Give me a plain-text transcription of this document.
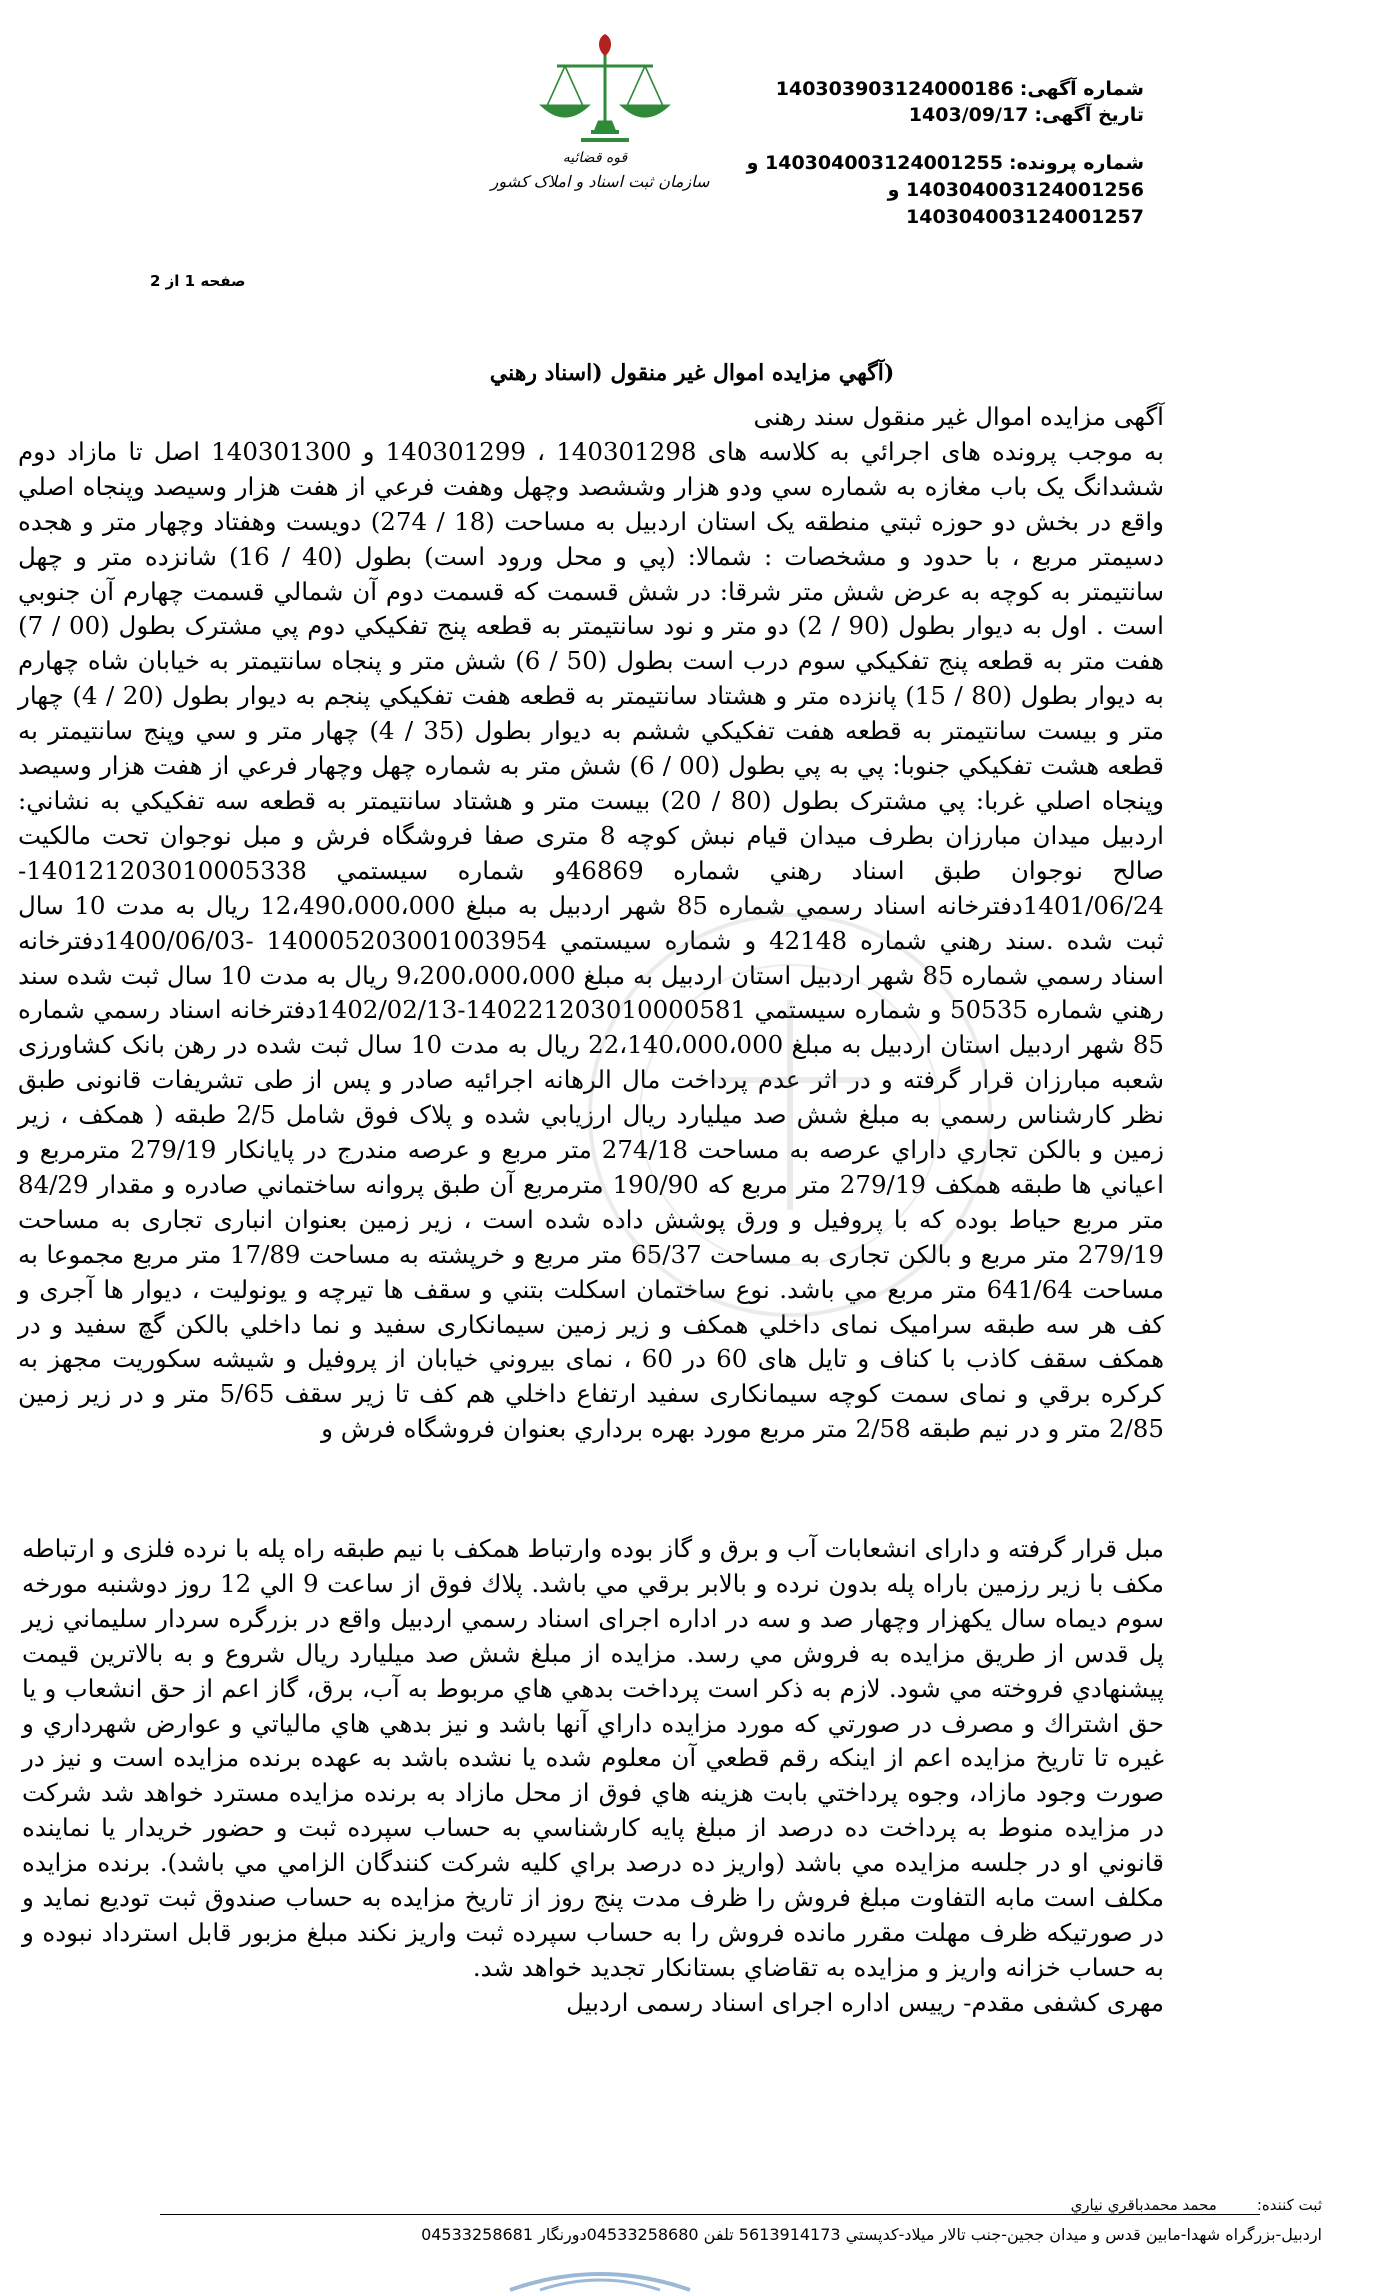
شماره آگهی:140303903124000186
تاریخ آگهی:1403/09/17
شماره پرونده:140304003124001255 و
140304003124001256 و
140304003124001257
قوه قضائیه
سازمان ثبت اسناد و املاک کشور
صفحه 1 از 2
(آگهي مزايده اموال غير منقول (اسناد رهني
آگهی مزایده اموال غیر منقول سند رهنی
به موجب پرونده های اجرائي به کلاسه های 140301298 ، 140301299 و 140301300 اصل تا مازاد دوم ششدانگ یک باب مغازه به شماره سي ودو هزار وششصد وچهل وهفت فرعي از هفت هزار وسيصد وپنجاه اصلي واقع در بخش دو حوزه ثبتي منطقه یک استان اردبيل به مساحت (18 / 274) دويست وهفتاد وچهار متر و هجده دسيمتر مربع ، با حدود و مشخصات : شمالا: (پي و محل ورود است) بطول (40 / 16) شانزده متر و چهل سانتيمتر به کوچه به عرض شش متر شرقا: در شش قسمت که قسمت دوم آن شمالي قسمت چهارم آن جنوبي است . اول به ديوار بطول (90 / 2) دو متر و نود سانتيمتر به قطعه پنج تفکيکي دوم پي مشترک بطول (00 / 7) هفت متر به قطعه پنج تفکيکي سوم درب است بطول (50 / 6) شش متر و پنجاه سانتيمتر به خيابان شاه چهارم به ديوار بطول (80 / 15) پانزده متر و هشتاد سانتيمتر به قطعه هفت تفکيکي پنجم به ديوار بطول (20 / 4) چهار متر و بيست سانتيمتر به قطعه هفت تفکيکي ششم به ديوار بطول (35 / 4) چهار متر و سي وپنج سانتيمتر به قطعه هشت تفکيکي جنوبا: پي به پي بطول (00 / 6) شش متر به شماره چهل وچهار فرعي از هفت هزار وسيصد وپنجاه اصلي غربا: پي مشترک بطول (80 / 20) بيست متر و هشتاد سانتيمتر به قطعه سه تفکيکي به نشاني: اردبيل ميدان مبارزان بطرف ميدان قيام نبش کوچه 8 متری صفا فروشگاه فرش و مبل نوجوان تحت مالکيت صالح نوجوان طبق اسناد رهني شماره 46869و شماره سيستمي 14012120301000533‌8-1401/06/24دفترخانه اسناد رسمي شماره 85 شهر اردبيل به مبلغ 12،490،000،000 ريال به مدت 10 سال ثبت شده .سند رهني شماره 42148 و شماره سيستمي 140005203001003954 -1400/06/03دفترخانه اسناد رسمي شماره 85 شهر اردبيل استان اردبيل به مبلغ 9،200،000،000 ريال به مدت 10 سال ثبت شده سند رهني شماره 50535 و شماره سيستمي 140221203010000581-1402/02/13دفترخانه اسناد رسمي شماره 85 شهر اردبيل استان اردبيل به مبلغ 22،140،000،000 ريال به مدت 10 سال ثبت شده در رهن بانک کشاورزی شعبه مبارزان قرار گرفته و در اثر عدم پرداخت مال الرهانه اجرائيه صادر و پس از طی تشريفات قانونی طبق نظر کارشناس رسمي به مبلغ شش صد ميليارد ريال ارزيابي شده و پلاک فوق شامل 2/5 طبقه ( همکف ، زير زمين و بالکن تجاري داراي عرصه به مساحت 274/18 متر مربع و عرصه مندرج در پايانکار 279/19 مترمربع و اعياني ها طبقه همکف 279/19 متر مربع که 190/90 مترمربع آن طبق پروانه ساختماني صادره و مقدار 84/29 متر مربع حياط بوده که با پروفيل و ورق پوشش داده شده است ، زير زمين بعنوان انباری تجاری به مساحت 279/19 متر مربع و بالکن تجاری به مساحت 65/37 متر مربع و خرپشته به مساحت 17/89 متر مربع مجموعا به مساحت 641/64 متر مربع مي باشد. نوع ساختمان اسکلت بتني و سقف ها تيرچه و يونوليت ، ديوار ها آجری و کف هر سه طبقه سراميک نمای داخلي همکف و زير زمين سيمانکاری سفيد و نما داخلي بالکن گچ سفيد و در همکف سقف کاذب با کناف و تايل های 60 در 60 ، نمای بيروني خيابان از پروفيل و شيشه سکوريت مجهز به کرکره برقي و نمای سمت کوچه سيمانکاری سفيد ارتفاع داخلي هم کف تا زير سقف 5/65 متر و در زير زمين 2/85 متر و در نيم طبقه 2/58 متر مربع مورد بهره برداري بعنوان فروشگاه فرش و
مبل قرار گرفته و دارای انشعابات آب و برق و گاز بوده وارتباط همکف با نيم طبقه راه پله با نرده فلزی و ارتباطه مکف با زير رزمين باراه پله بدون نرده و بالابر برقي مي باشد. پلاك فوق از ساعت 9 الي 12 روز دوشنبه مورخه سوم ديماه سال يکهزار وچهار صد و سه در اداره اجرای اسناد رسمي اردبيل واقع در بزرگره سردار سليماني زير پل قدس از طريق مزايده به فروش مي رسد. مزايده از مبلغ شش صد ميليارد ريال شروع و به بالاترين قيمت پيشنهادي فروخته مي شود. لازم به ذكر است پرداخت بدهي هاي مربوط به آب، برق، گاز اعم از حق انشعاب و يا حق اشتراك و مصرف در صورتي كه مورد مزايده داراي آنها باشد و نيز بدهي هاي مالياتي و عوارض شهرداري و غيره تا تاريخ مزايده اعم از اينكه رقم قطعي آن معلوم شده يا نشده باشد به عهده برنده مزايده است و نيز در صورت وجود مازاد، وجوه پرداختي بابت هزينه هاي فوق از محل مازاد به برنده مزايده مسترد خواهد شد شركت در مزايده منوط به پرداخت ده درصد از مبلغ پايه كارشناسي به حساب سپرده ثبت و حضور خريدار يا نماينده قانوني او در جلسه مزايده مي باشد (واريز ده درصد براي كليه شركت كنندگان الزامي مي باشد). برنده مزايده مكلف است مابه التفاوت مبلغ فروش را ظرف مدت پنج روز از تاريخ مزايده به حساب صندوق ثبت توديع نمايد و در صورتيكه ظرف مهلت مقرر مانده فروش را به حساب سپرده ثبت واريز نكند مبلغ مزبور قابل استرداد نبوده و به حساب خزانه واريز و مزايده به تقاضاي بستانكار تجديد خواهد شد.
مهری کشفی مقدم- رییس اداره اجرای اسناد رسمی اردبیل
ثبت كننده:محمد محمدباقري نياري
اردبيل-بزرگراه شهدا-مابين قدس و ميدان ججين-جنب تالار ميلاد-كدپستي 5613914173 تلفن 04533258680دورنگار 04533258681
